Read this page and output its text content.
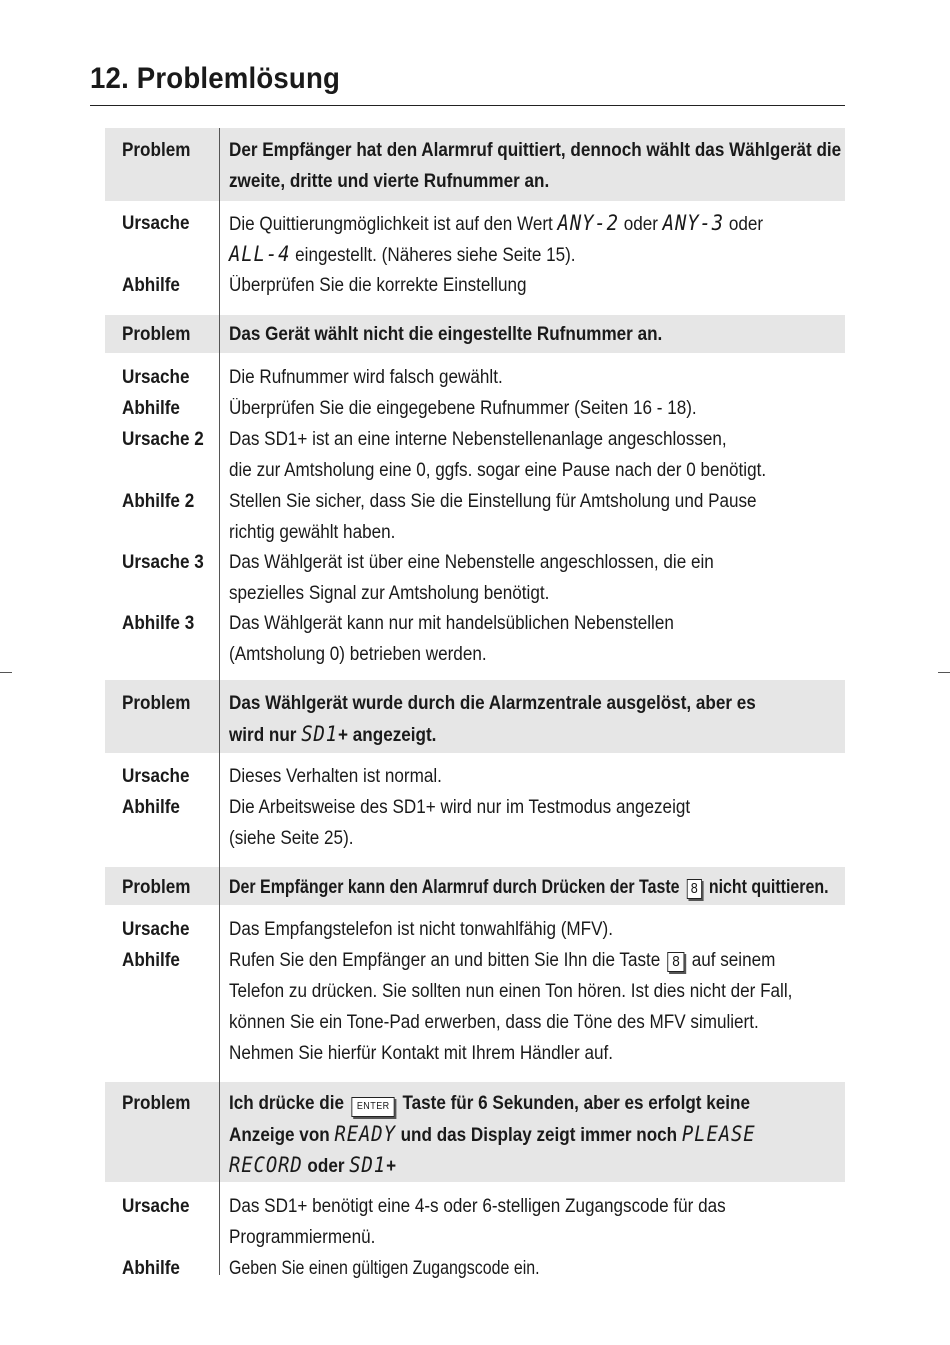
12. Problemlösung
Problem Der Empfänger hat den Alarmruf quittiert, dennoch wählt das Wählgerät die
zweite, dritte und vierte Rufnummer an.
Ursache Die Quittierungmöglichkeit ist auf den Wert ANY-2 oder ANY-3 oder
ALL-4 eingestellt. (Näheres siehe Seite 15).
Abhilfe	Überprüfen Sie die korrekte Einstellung
Problem Das Gerät wählt nicht die eingestellte Rufnummer an.
Ursache Die Rufnummer wird falsch gewählt.
Abhilfe	Überprüfen Sie die eingegebene Rufnummer (Seiten 16 - 18).
Ursache 2 Das SD1+ ist an eine interne Nebenstellenanlage angeschlossen,
die zur Amtsholung eine 0, ggfs. sogar eine Pause nach der 0 benötigt.
Abhilfe 2 Stellen Sie sicher, dass Sie die Einstellung für Amtsholung und Pause
richtig gewählt haben.
Ursache 3 Das Wählgerät ist über eine Nebenstelle angeschlossen, die ein
spezielles Signal zur Amtsholung benötigt.
Abhilfe 3 Das Wählgerät kann nur mit handelsüblichen Nebenstellen
(Amtsholung 0) betrieben werden.
Problem Das Wählgerät wurde durch die Alarmzentrale ausgelöst, aber es
wird nur SD1+ angezeigt.
Ursache Dieses Verhalten ist normal.
Abhilfe	Die Arbeitsweise des SD1+ wird nur im Testmodus angezeigt
(siehe Seite 25).
Problem Der Empfänger kann den Alarmruf durch Drücken der Taste 8 nicht quittieren.
Ursache Das Empfangstelefon ist nicht tonwahlfähig (MFV).
Abhilfe	Rufen Sie den Empfänger an und bitten Sie Ihn die Taste 8 auf seinem
Telefon zu drücken. Sie sollten nun einen Ton hören. Ist dies nicht der Fall,
können Sie ein Tone-Pad erwerben, dass die Töne des MFV simuliert.
Nehmen Sie hierfür Kontakt mit Ihrem Händler auf.
Problem Ich drücke die ENTER Taste für 6 Sekunden, aber es erfolgt keine
Anzeige von READY und das Display zeigt immer noch PLEASE
RECORD oder SD1+
Ursache Das SD1+ benötigt eine 4-s oder 6-stelligen Zugangscode für das
Programmiermenü.
Abhilfe	Geben Sie einen gültigen Zugangscode ein.
